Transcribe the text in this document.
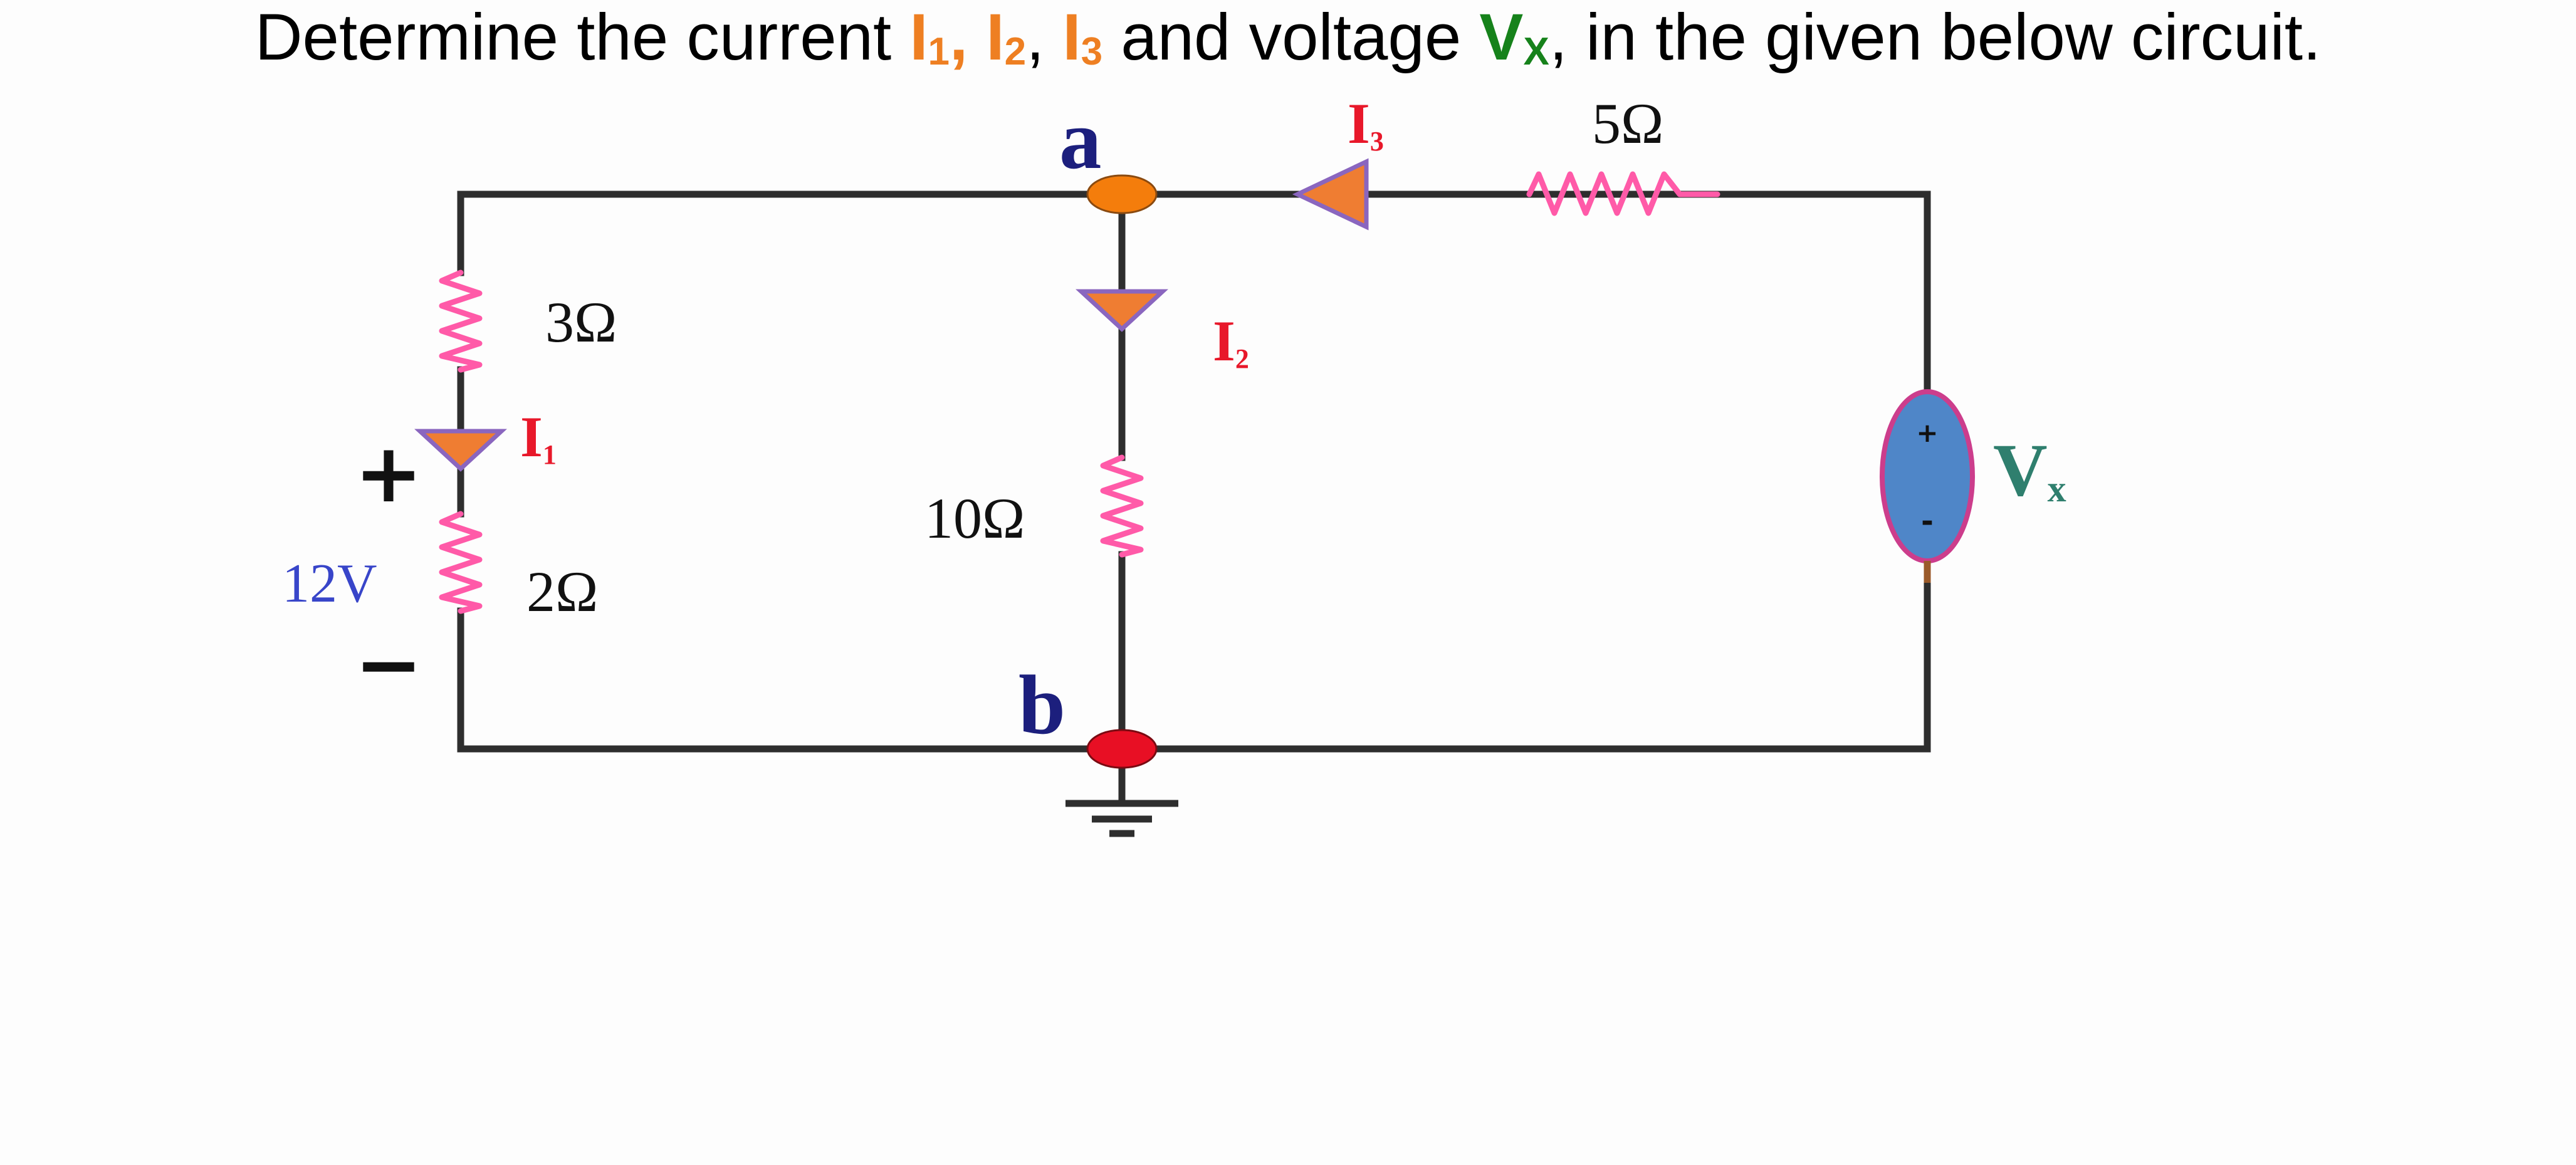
Determine the current $I_1$, $I_2$, $I_3$ and voltage $V_X$, in the given below circuit.
a
b
+
-
3Ω
2Ω
10Ω
5Ω
12V
+
−
I1
I2
I3
Vx
